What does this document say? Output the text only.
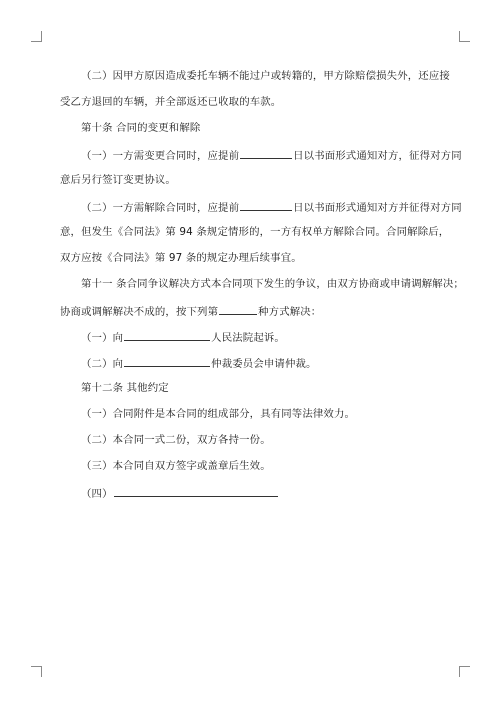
（二）因甲方原因造成委托车辆不能过户或转籍的，甲方除赔偿损失外，还应接
受乙方退回的车辆，并全部返还已收取的车款。
第十条 合同的变更和解除
（一）一方需变更合同时，应提前	日以书面形式通知对方，征得对方同
意后另行签订变更协议。
（二）一方需解除合同时，应提前	日以书面形式通知对方并征得对方同
意，但发生《合同法》第 94 条规定情形的，一方有权单方解除合同。合同解除后，
双方应按《合同法》第 97 条的规定办理后续事宜。
第十一 条合同争议解决方式本合同项下发生的争议，由双方协商或申请调解解决；
协商或调解解决不成的，按下列第	种方式解决：
（一）向	人民法院起诉。
（二）向	仲裁委员会申请仲裁。
第十二条 其他约定
（一）合同附件是本合同的组成部分，具有同等法律效力。
（二）本合同一式二份，双方各持一份。
（三）本合同自双方签字或盖章后生效。
（四）
